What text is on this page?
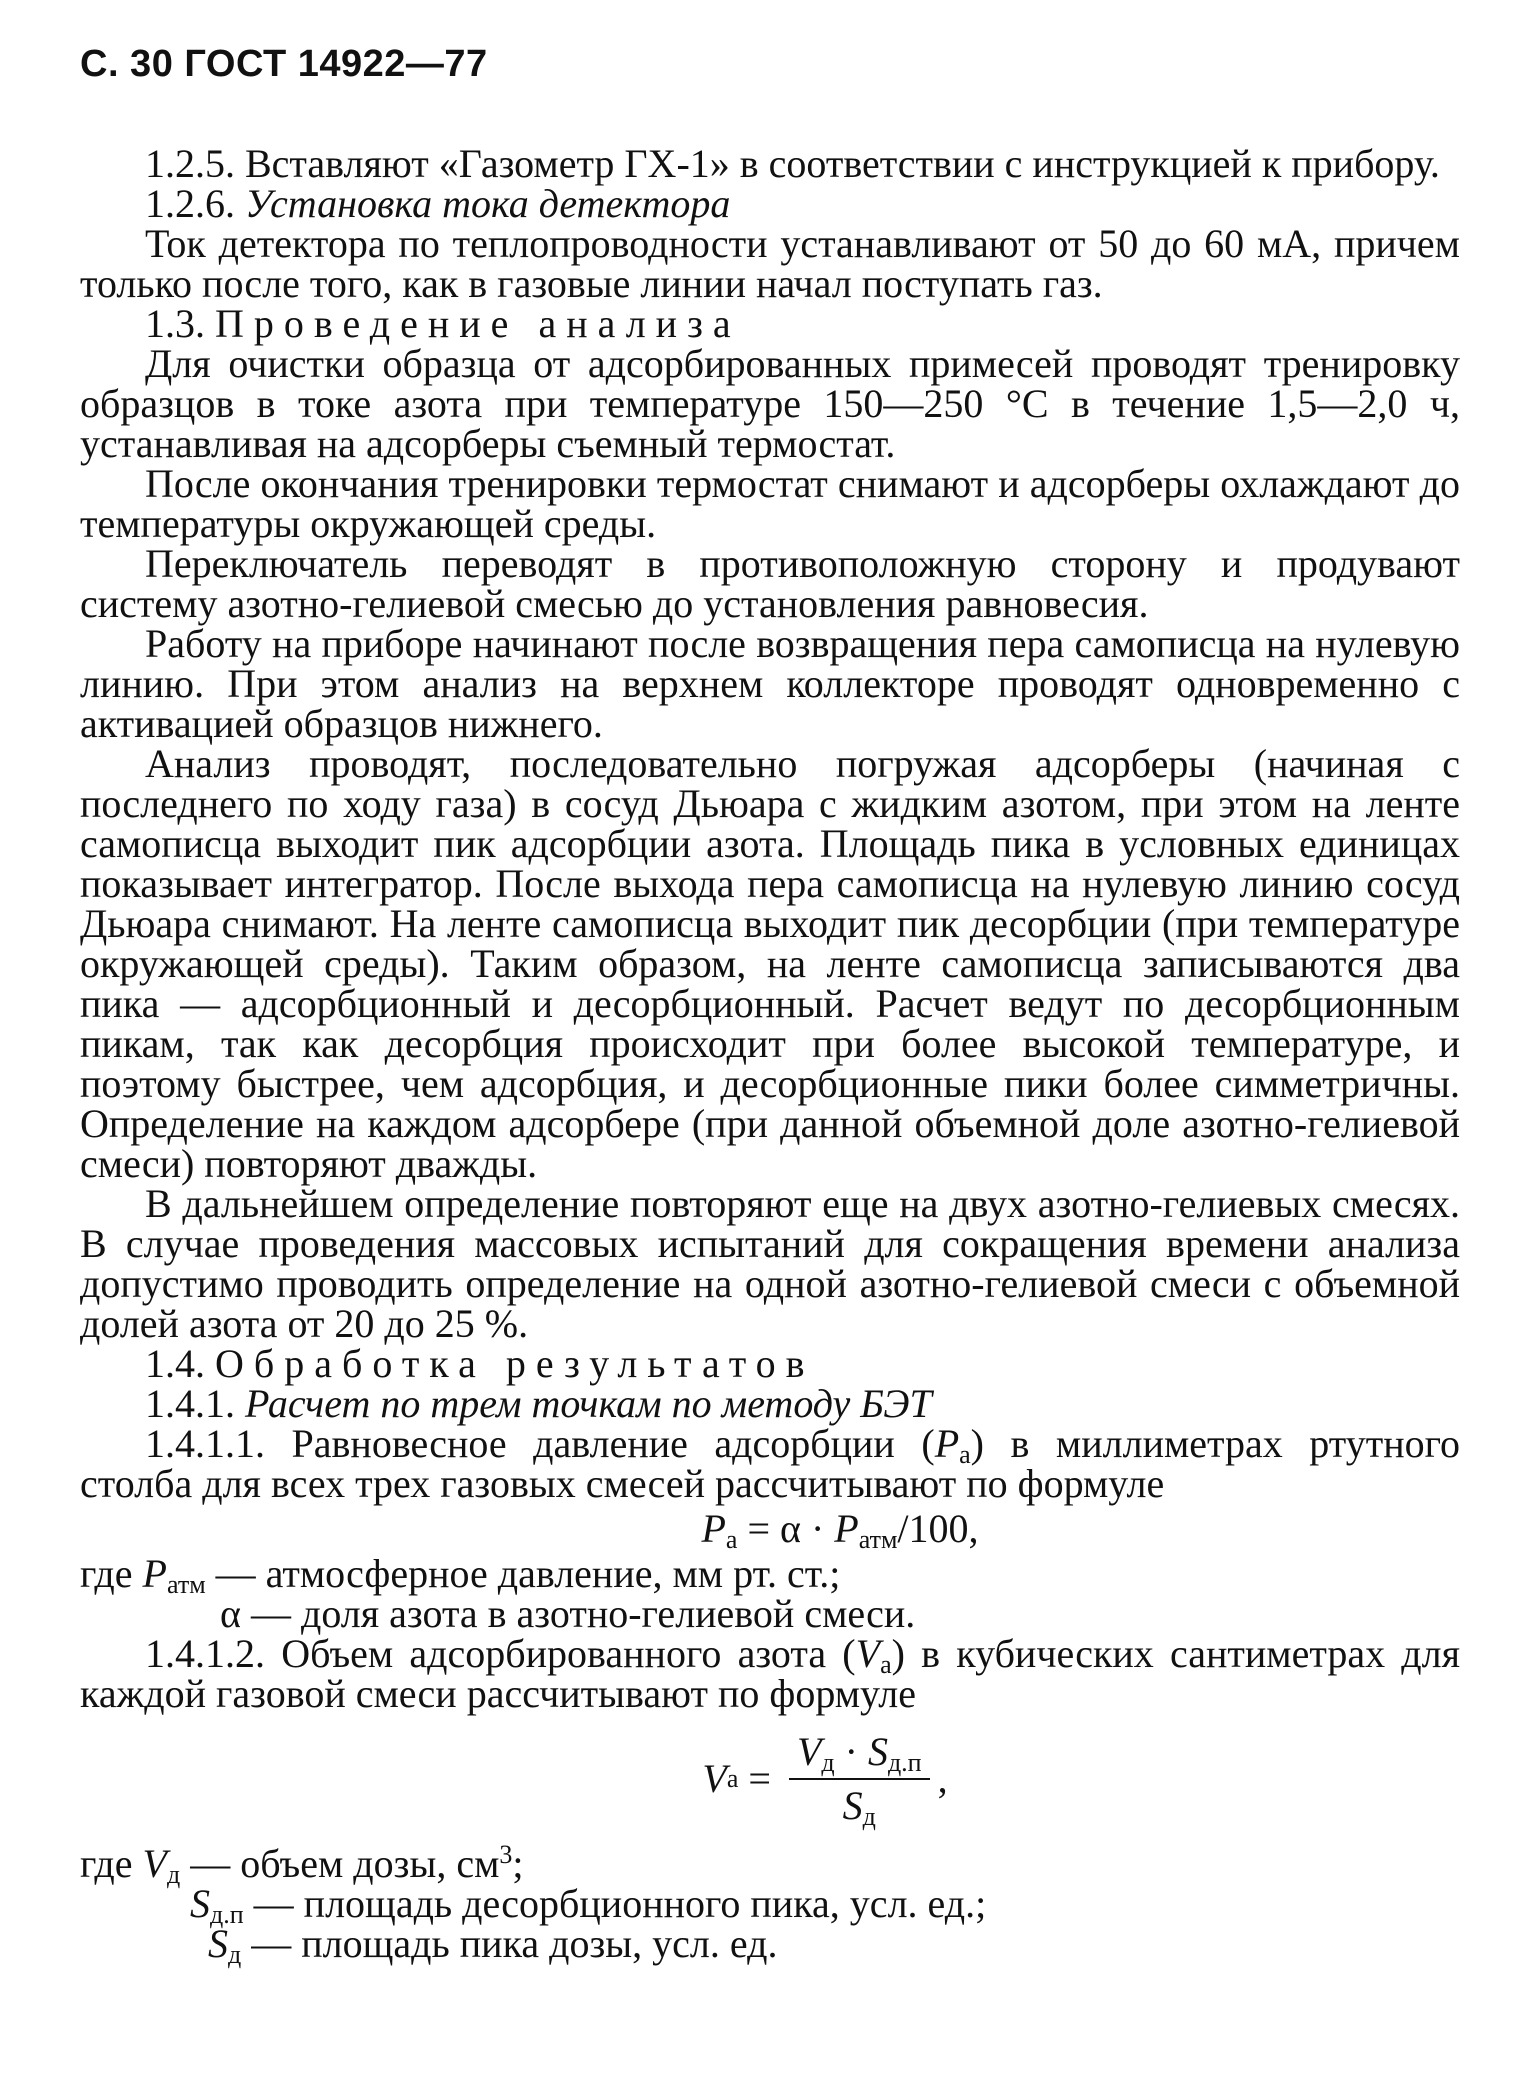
С. 30 ГОСТ 14922—77

1.2.5. Вставляют «Газометр ГХ-1» в соответствии с инструкцией к прибору.

1.2.6. Установка тока детектора

Ток детектора по теплопроводности устанавливают от 50 до 60 мА, причем только после того, как в газовые линии начал поступать газ.

1.3. Проведение анализа

Для очистки образца от адсорбированных примесей проводят тренировку образцов в токе азота при температуре 150—250 °С в течение 1,5—2,0 ч, устанавливая на адсорберы съемный термостат.

После окончания тренировки термостат снимают и адсорберы охлаждают до температуры окружающей среды.

Переключатель переводят в противоположную сторону и продувают систему азотно-гелиевой смесью до установления равновесия.

Работу на приборе начинают после возвращения пера самописца на нулевую линию. При этом анализ на верхнем коллекторе проводят одновременно с активацией образцов нижнего.

Анализ проводят, последовательно погружая адсорберы (начиная с последнего по ходу газа) в сосуд Дьюара с жидким азотом, при этом на ленте самописца выходит пик адсорбции азота. Площадь пика в условных единицах показывает интегратор. После выхода пера самописца на нулевую линию сосуд Дьюара снимают. На ленте самописца выходит пик десорбции (при температуре окружающей среды). Таким образом, на ленте самописца записываются два пика — адсорбционный и десорбционный. Расчет ведут по десорбционным пикам, так как десорбция происходит при более высокой температуре, и поэтому быстрее, чем адсорбция, и десорбционные пики более симметричны. Определение на каждом адсорбере (при данной объемной доле азотно-гелиевой смеси) повторяют дважды.

В дальнейшем определение повторяют еще на двух азотно-гелиевых смесях. В случае проведения массовых испытаний для сокращения времени анализа допустимо проводить определение на одной азотно-гелиевой смеси с объемной долей азота от 20 до 25 %.

1.4. Обработка результатов

1.4.1. Расчет по трем точкам по методу БЭТ

1.4.1.1. Равновесное давление адсорбции $(P_а)$ в миллиметрах ртутного столба для всех трех газовых смесей рассчитывают по формуле

$P_а = \alpha \cdot P_{атм}/100$,

где $P_{атм}$ — атмосферное давление, мм рт. ст.;

α — доля азота в азотно-гелиевой смеси.

1.4.1.2. Объем адсорбированного азота $(V_а)$ в кубических сантиметрах для каждой газовой смеси рассчитывают по формуле

V $а = \frac{V_д \cdot S_{д.п}}{S_д}$ ,

где $V_д$ — объем дозы, $см^3$;

$S_{д.п}$ — площадь десорбционного пика, усл. ед.;

$S_д$ — площадь пика дозы, усл. ед.
